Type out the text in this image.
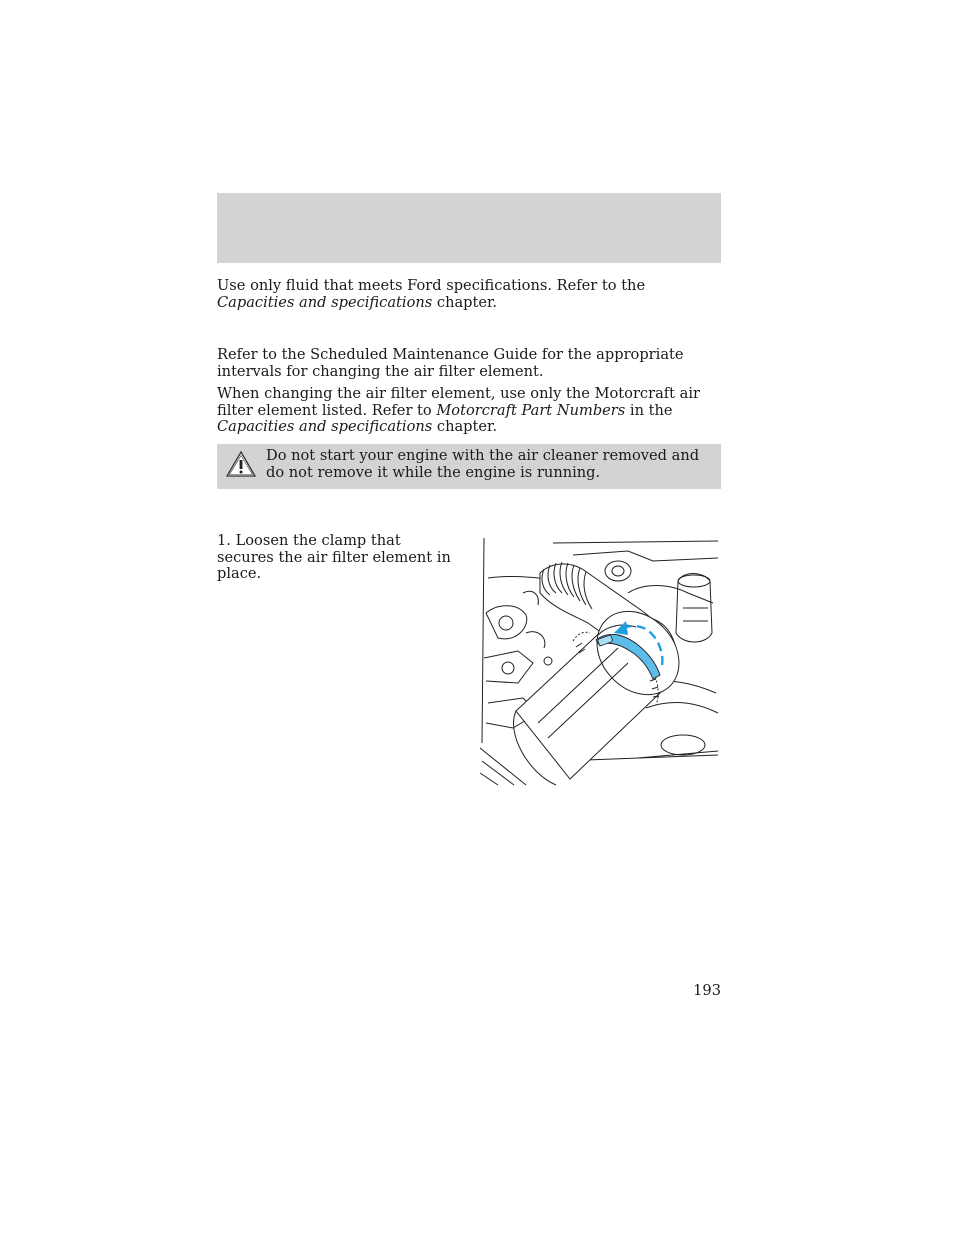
Use only fluid that meets Ford specifications. Refer to the Capacities and specifications chapter.

Refer to the Scheduled Maintenance Guide for the appropriate intervals for changing the air filter element.

When changing the air filter element, use only the Motorcraft air filter element listed. Refer to Motorcraft Part Numbers in the Capacities and specifications chapter.

Do not start your engine with the air cleaner removed and do not remove it while the engine is running.

1. Loosen the clamp that secures the air filter element in place.

193
